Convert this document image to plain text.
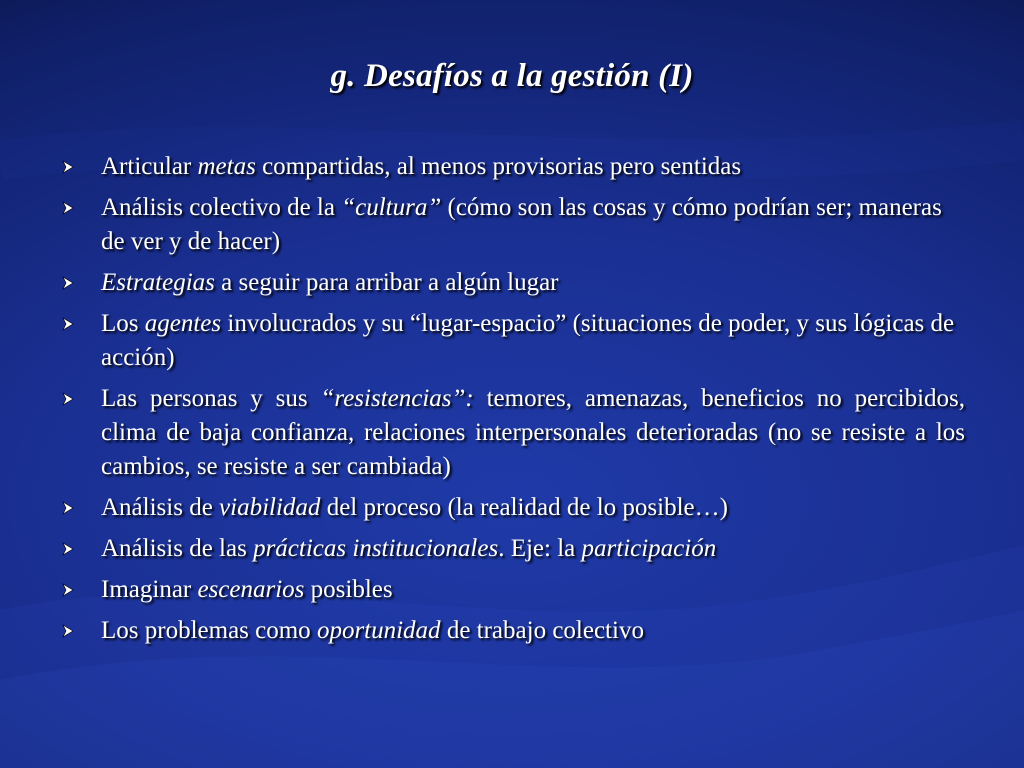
g. Desafíos a la gestión (I)
Articular metas compartidas, al menos provisorias pero sentidas
Análisis colectivo de la “cultura” (cómo son las cosas y cómo podrían ser; maneras de ver y de hacer)
Estrategias a seguir para arribar a algún lugar
Los agentes involucrados y su “lugar-espacio” (situaciones de poder, y sus lógicas de acción)
Las personas y sus “resistencias”: temores, amenazas, beneficios no percibidos, clima de baja confianza, relaciones interpersonales deterioradas (no se resiste a los cambios, se resiste a ser cambiada)
Análisis de viabilidad del proceso (la realidad de lo posible…)
Análisis de las prácticas institucionales. Eje: la participación
Imaginar escenarios posibles
Los problemas como oportunidad de trabajo colectivo
